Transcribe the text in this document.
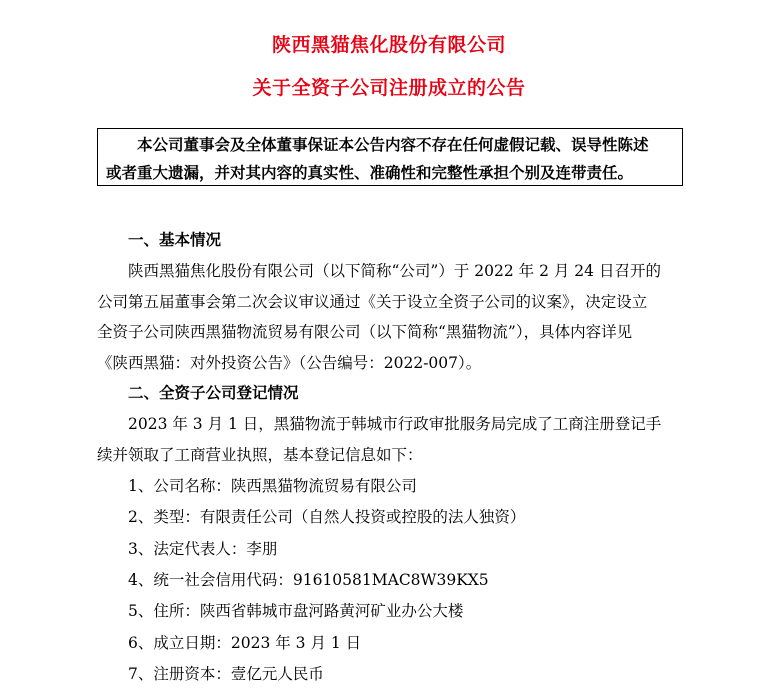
陕西黑猫焦化股份有限公司
关于全资子公司注册成立的公告

本公司董事会及全体董事保证本公告内容不存在任何虚假记载、误导性陈述

或者重大遗漏，并对其内容的真实性、准确性和完整性承担个别及连带责任。

一、基本情况
陕西黑猫焦化股份有限公司（以下简称“公司”）于 2022 年 2 月 24 日召开的
公司第五届董事会第二次会议审议通过《关于设立全资子公司的议案》，决定设立
全资子公司陕西黑猫物流贸易有限公司（以下简称“黑猫物流”），具体内容详见
《陕西黑猫：对外投资公告》（公告编号：2022-007）。
二、全资子公司登记情况
2023 年 3 月 1 日，黑猫物流于韩城市行政审批服务局完成了工商注册登记手
续并领取了工商营业执照，基本登记信息如下：
1、公司名称：陕西黑猫物流贸易有限公司
2、类型：有限责任公司（自然人投资或控股的法人独资）
3、法定代表人：李朋
4、统一社会信用代码：91610581MAC8W39KX5
5、住所：陕西省韩城市盘河路黄河矿业办公大楼
6、成立日期：2023 年 3 月 1 日
7、注册资本：壹亿元人民币
